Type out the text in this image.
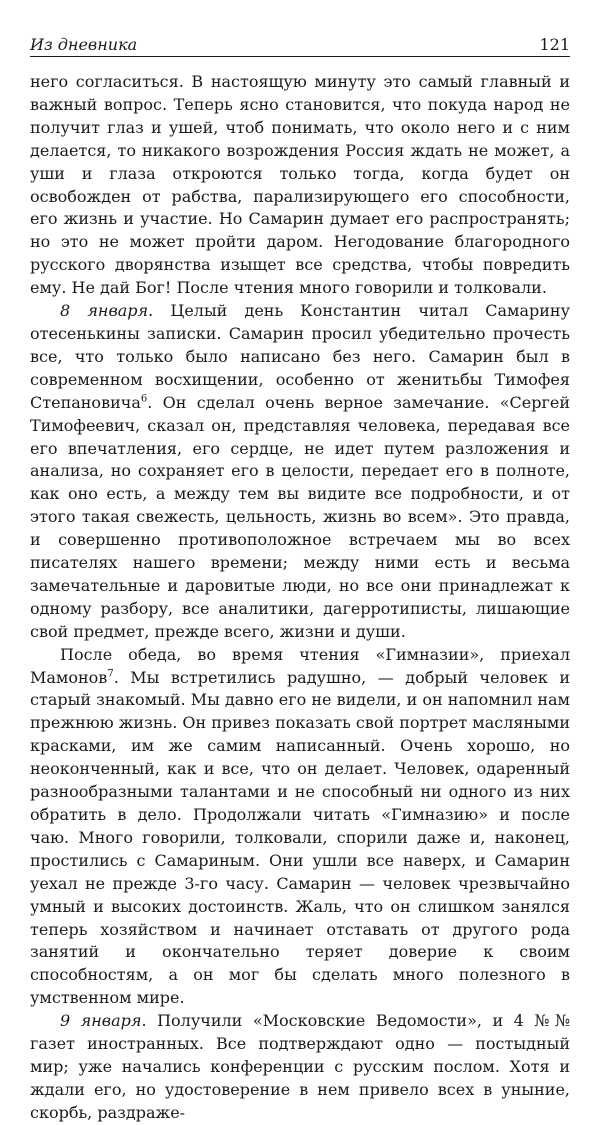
Из дневника	121

него согласиться. В настоящую минуту это самый главный и важный вопрос. Теперь ясно становится, что покуда народ не получит глаз и ушей, чтоб понимать, что около него и с ним делается, то никакого возрождения Россия ждать не может, а уши и глаза откроются только тогда, когда будет он освобожден от рабства, парализирующего его способности, его жизнь и участие. Но Самарин думает его распространять; но это не может пройти даром. Негодование благородного русского дворянства изыщет все средства, чтобы повредить ему. Не дай Бог! После чтения много говорили и толковали.

8 января. Целый день Константин читал Самарину отесенькины записки. Самарин просил убедительно прочесть все, что только было написано без него. Самарин был в современном восхищении, особенно от женитьбы Тимофея Степановича$^6$. Он сделал очень верное замечание. «Сергей Тимофеевич, сказал он, представляя человека, передавая все его впечатления, его сердце, не идет путем разложения и анализа, но сохраняет его в целости, передает его в полноте, как оно есть, а между тем вы видите все подробности, и от этого такая свежесть, цельность, жизнь во всем». Это правда, и совершенно противоположное встречаем мы во всех писателях нашего времени; между ними есть и весьма замечательные и даровитые люди, но все они принадлежат к одному разбору, все аналитики, дагерротиписты, лишающие свой предмет, прежде всего, жизни и души.

После обеда, во время чтения «Гимназии», приехал Мамонов$^7$. Мы встретились радушно, — добрый человек и старый знакомый. Мы давно его не видели, и он напомнил нам прежнюю жизнь. Он привез показать свой портрет масляными красками, им же самим написанный. Очень хорошо, но неоконченный, как и все, что он делает. Человек, одаренный разнообразными талантами и не способный ни одного из них обратить в дело. Продолжали читать «Гимназию» и после чаю. Много говорили, толковали, спорили даже и, наконец, простились с Самариным. Они ушли все наверх, и Самарин уехал не прежде 3-го часу. Самарин — человек чрезвычайно умный и высоких достоинств. Жаль, что он слишком занялся теперь хозяйством и начинает отставать от другого рода занятий и окончательно теряет доверие к своим способностям, а он мог бы сделать много полезного в умственном мире.

9 января. Получили «Московские Ведомости», и 4 №№ газет иностранных. Все подтверждают одно — постыдный мир; уже начались конференции с русским послом. Хотя и ждали его, но удостоверение в нем привело всех в уныние, скорбь, раздраже-
